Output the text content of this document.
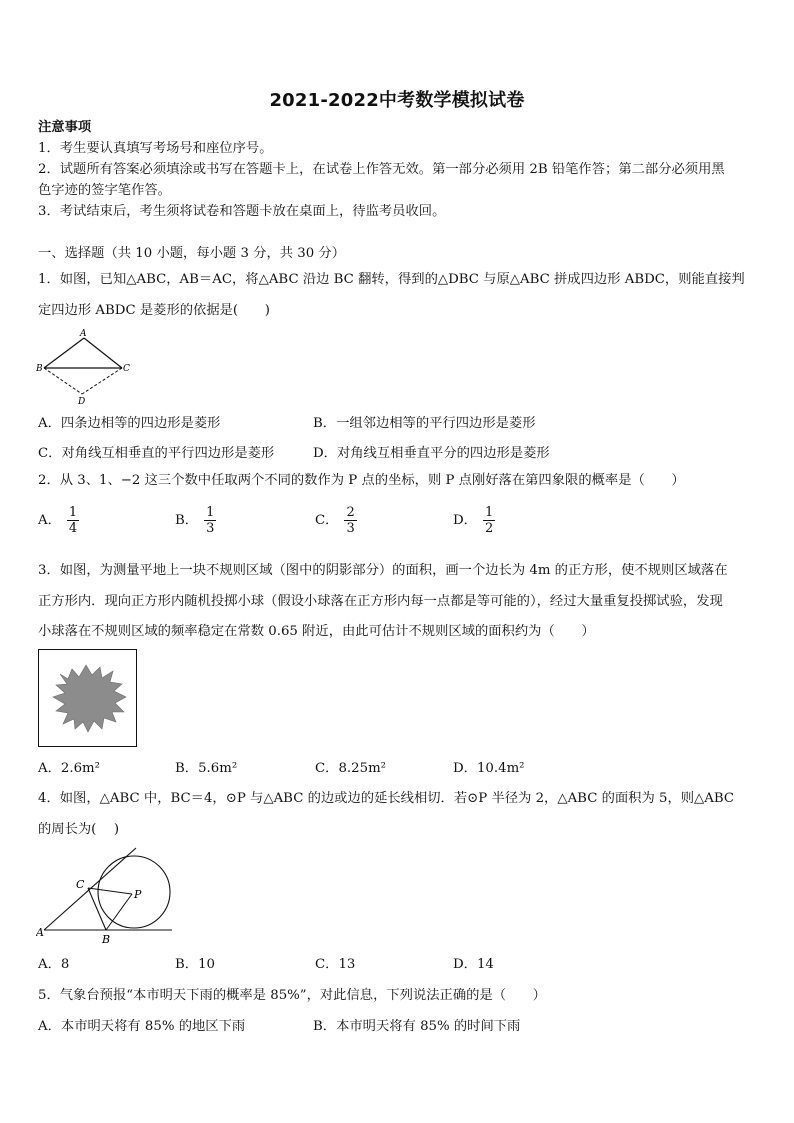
2021-2022中考数学模拟试卷
注意事项
1．考生要认真填写考场号和座位序号。
2．试题所有答案必须填涂或书写在答题卡上，在试卷上作答无效。第一部分必须用 2B 铅笔作答；第二部分必须用黑
色字迹的签字笔作答。
3．考试结束后，考生须将试卷和答题卡放在桌面上，待监考员收回。
一、选择题（共 10 小题，每小题 3 分，共 30 分）
1．如图，已知△ABC，AB＝AC，将△ABC 沿边 BC 翻转，得到的△DBC 与原△ABC 拼成四边形 ABDC，则能直接判
定四边形 ABDC 是菱形的依据是(　　)
A
B	C
D
A．四条边相等的四边形是菱形	B．一组邻边相等的平行四边形是菱形
C．对角线互相垂直的平行四边形是菱形	D．对角线互相垂直平分的四边形是菱形
2．从 3、1、−2 这三个数中任取两个不同的数作为 P 点的坐标，则 P 点刚好落在第四象限的概率是（　　）
A． $\frac{1}{4}$	B． $\frac{1}{3}$	C． $\frac{2}{3}$	D． $\frac{1}{2}$
3．如图，为测量平地上一块不规则区域（图中的阴影部分）的面积，画一个边长为 4m 的正方形，使不规则区域落在
正方形内．现向正方形内随机投掷小球（假设小球落在正方形内每一点都是等可能的），经过大量重复投掷试验，发现
小球落在不规则区域的频率稳定在常数 0.65 附近，由此可估计不规则区域的面积约为（　　）
A．2.6m²	B．5.6m²	C．8.25m²	D．10.4m²
4．如图，△ABC 中，BC＝4，⊙P 与△ABC 的边或边的延长线相切．若⊙P 半径为 2，△ABC 的面积为 5，则△ABC
的周长为(　 )
C
P
A
B
A．8	B．10	C．13	D．14
5．气象台预报“本市明天下雨的概率是 85%”，对此信息，下列说法正确的是（　　）
A．本市明天将有 85% 的地区下雨	B．本市明天将有 85% 的时间下雨
